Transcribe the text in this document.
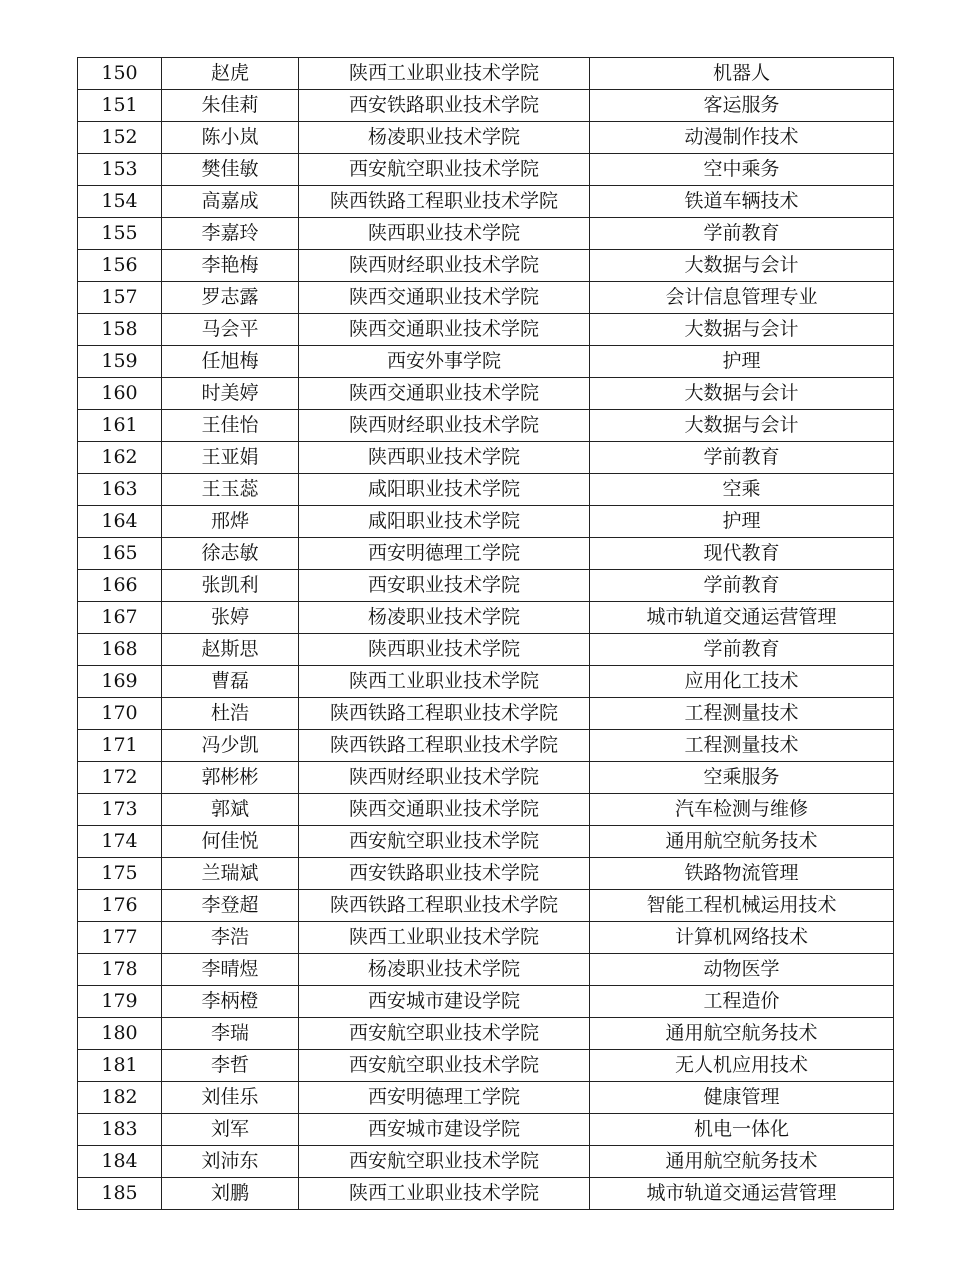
150	赵虎	陕西工业职业技术学院	机器人
151	朱佳莉	西安铁路职业技术学院	客运服务
152	陈小岚	杨凌职业技术学院	动漫制作技术
153	樊佳敏	西安航空职业技术学院	空中乘务
154	高嘉成	陕西铁路工程职业技术学院	铁道车辆技术
155	李嘉玲	陕西职业技术学院	学前教育
156	李艳梅	陕西财经职业技术学院	大数据与会计
157	罗志露	陕西交通职业技术学院	会计信息管理专业
158	马会平	陕西交通职业技术学院	大数据与会计
159	任旭梅	西安外事学院	护理
160	时美婷	陕西交通职业技术学院	大数据与会计
161	王佳怡	陕西财经职业技术学院	大数据与会计
162	王亚娟	陕西职业技术学院	学前教育
163	王玉蕊	咸阳职业技术学院	空乘
164	邢烨	咸阳职业技术学院	护理
165	徐志敏	西安明德理工学院	现代教育
166	张凯利	西安职业技术学院	学前教育
167	张婷	杨凌职业技术学院	城市轨道交通运营管理
168	赵斯思	陕西职业技术学院	学前教育
169	曹磊	陕西工业职业技术学院	应用化工技术
170	杜浩	陕西铁路工程职业技术学院	工程测量技术
171	冯少凯	陕西铁路工程职业技术学院	工程测量技术
172	郭彬彬	陕西财经职业技术学院	空乘服务
173	郭斌	陕西交通职业技术学院	汽车检测与维修
174	何佳悦	西安航空职业技术学院	通用航空航务技术
175	兰瑞斌	西安铁路职业技术学院	铁路物流管理
176	李登超	陕西铁路工程职业技术学院	智能工程机械运用技术
177	李浩	陕西工业职业技术学院	计算机网络技术
178	李晴煜	杨凌职业技术学院	动物医学
179	李柄橙	西安城市建设学院	工程造价
180	李瑞	西安航空职业技术学院	通用航空航务技术
181	李哲	西安航空职业技术学院	无人机应用技术
182	刘佳乐	西安明德理工学院	健康管理
183	刘军	西安城市建设学院	机电一体化
184	刘沛东	西安航空职业技术学院	通用航空航务技术
185	刘鹏	陕西工业职业技术学院	城市轨道交通运营管理
